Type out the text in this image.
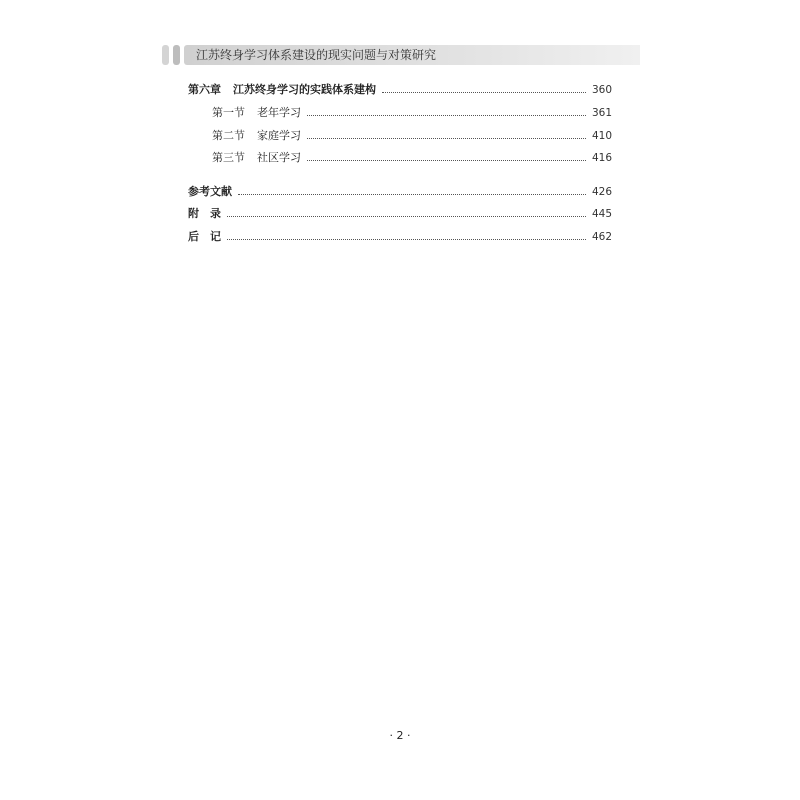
江苏终身学习体系建设的现实问题与对策研究
第六章 江苏终身学习的实践体系建构	360
第一节 老年学习	361
第二节 家庭学习	410
第三节 社区学习	416
参考文献	426
附　录	445
后　记	462
· 2 ·
